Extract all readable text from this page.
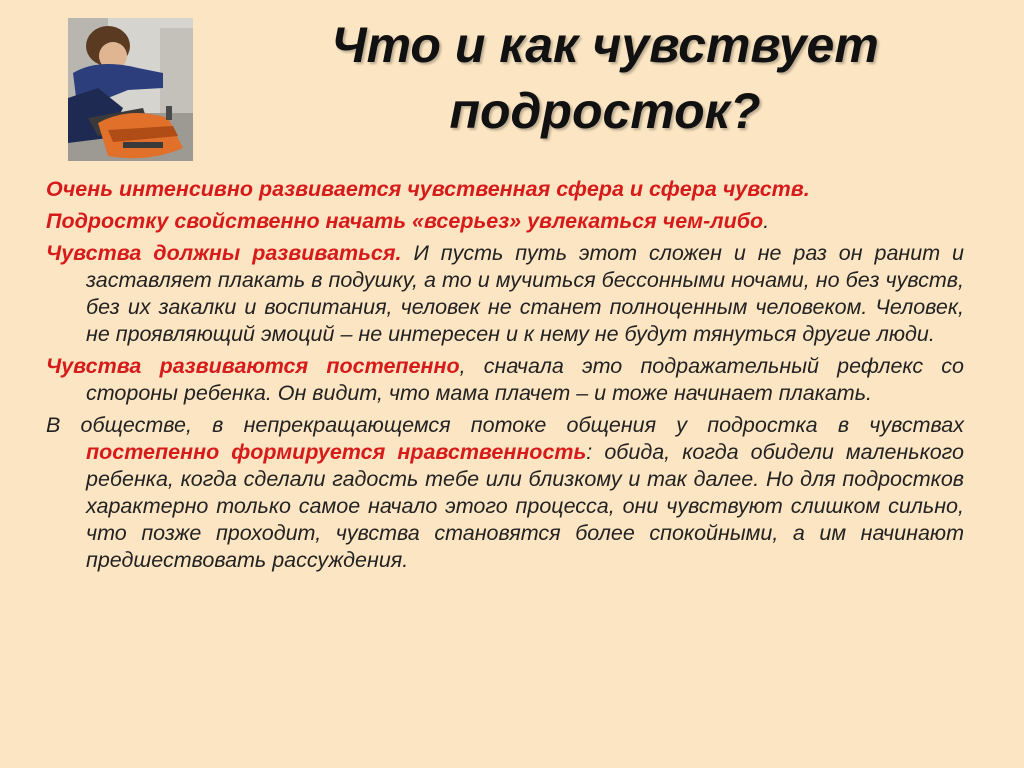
Что и как чувствует подросток?

Очень интенсивно развивается чувственная сфера и сфера чувств.

Подростку свойственно начать «всерьез» увлекаться чем-либо.

Чувства должны развиваться. И пусть путь этот сложен и не раз он ранит и заставляет плакать в подушку, а то и мучиться бессонными ночами, но без чувств, без их закалки и воспитания, человек не станет полноценным человеком. Человек, не проявляющий эмоций – не интересен и к нему не будут тянуться другие люди.

Чувства развиваются постепенно, сначала это подражательный рефлекс со стороны ребенка. Он видит, что мама плачет – и тоже начинает плакать.

В обществе, в непрекращающемся потоке общения у подростка в чувствах постепенно формируется нравственность: обида, когда обидели маленького ребенка, когда сделали гадость тебе или близкому и так далее. Но для подростков характерно только самое начало этого процесса, они чувствуют слишком сильно, что позже проходит, чувства становятся более спокойными, а им начинают предшествовать рассуждения.
